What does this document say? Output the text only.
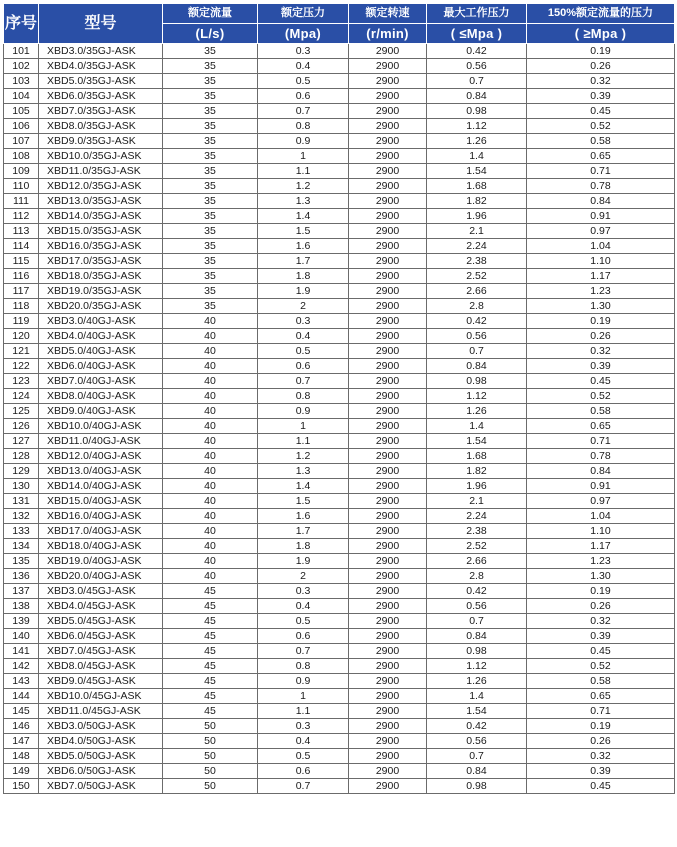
序号	型号	额定流量	额定压力	额定转速	最大工作压力	150%额定流量的压力
		(L/s)	(Mpa)	(r/min)	( ≤Mpa )	( ≥Mpa )
101	XBD3.0/35GJ-ASK	35	0.3	2900	0.42	0.19
102	XBD4.0/35GJ-ASK	35	0.4	2900	0.56	0.26
103	XBD5.0/35GJ-ASK	35	0.5	2900	0.7	0.32
104	XBD6.0/35GJ-ASK	35	0.6	2900	0.84	0.39
105	XBD7.0/35GJ-ASK	35	0.7	2900	0.98	0.45
106	XBD8.0/35GJ-ASK	35	0.8	2900	1.12	0.52
107	XBD9.0/35GJ-ASK	35	0.9	2900	1.26	0.58
108	XBD10.0/35GJ-ASK	35	1	2900	1.4	0.65
109	XBD11.0/35GJ-ASK	35	1.1	2900	1.54	0.71
110	XBD12.0/35GJ-ASK	35	1.2	2900	1.68	0.78
111	XBD13.0/35GJ-ASK	35	1.3	2900	1.82	0.84
112	XBD14.0/35GJ-ASK	35	1.4	2900	1.96	0.91
113	XBD15.0/35GJ-ASK	35	1.5	2900	2.1	0.97
114	XBD16.0/35GJ-ASK	35	1.6	2900	2.24	1.04
115	XBD17.0/35GJ-ASK	35	1.7	2900	2.38	1.10
116	XBD18.0/35GJ-ASK	35	1.8	2900	2.52	1.17
117	XBD19.0/35GJ-ASK	35	1.9	2900	2.66	1.23
118	XBD20.0/35GJ-ASK	35	2	2900	2.8	1.30
119	XBD3.0/40GJ-ASK	40	0.3	2900	0.42	0.19
120	XBD4.0/40GJ-ASK	40	0.4	2900	0.56	0.26
121	XBD5.0/40GJ-ASK	40	0.5	2900	0.7	0.32
122	XBD6.0/40GJ-ASK	40	0.6	2900	0.84	0.39
123	XBD7.0/40GJ-ASK	40	0.7	2900	0.98	0.45
124	XBD8.0/40GJ-ASK	40	0.8	2900	1.12	0.52
125	XBD9.0/40GJ-ASK	40	0.9	2900	1.26	0.58
126	XBD10.0/40GJ-ASK	40	1	2900	1.4	0.65
127	XBD11.0/40GJ-ASK	40	1.1	2900	1.54	0.71
128	XBD12.0/40GJ-ASK	40	1.2	2900	1.68	0.78
129	XBD13.0/40GJ-ASK	40	1.3	2900	1.82	0.84
130	XBD14.0/40GJ-ASK	40	1.4	2900	1.96	0.91
131	XBD15.0/40GJ-ASK	40	1.5	2900	2.1	0.97
132	XBD16.0/40GJ-ASK	40	1.6	2900	2.24	1.04
133	XBD17.0/40GJ-ASK	40	1.7	2900	2.38	1.10
134	XBD18.0/40GJ-ASK	40	1.8	2900	2.52	1.17
135	XBD19.0/40GJ-ASK	40	1.9	2900	2.66	1.23
136	XBD20.0/40GJ-ASK	40	2	2900	2.8	1.30
137	XBD3.0/45GJ-ASK	45	0.3	2900	0.42	0.19
138	XBD4.0/45GJ-ASK	45	0.4	2900	0.56	0.26
139	XBD5.0/45GJ-ASK	45	0.5	2900	0.7	0.32
140	XBD6.0/45GJ-ASK	45	0.6	2900	0.84	0.39
141	XBD7.0/45GJ-ASK	45	0.7	2900	0.98	0.45
142	XBD8.0/45GJ-ASK	45	0.8	2900	1.12	0.52
143	XBD9.0/45GJ-ASK	45	0.9	2900	1.26	0.58
144	XBD10.0/45GJ-ASK	45	1	2900	1.4	0.65
145	XBD11.0/45GJ-ASK	45	1.1	2900	1.54	0.71
146	XBD3.0/50GJ-ASK	50	0.3	2900	0.42	0.19
147	XBD4.0/50GJ-ASK	50	0.4	2900	0.56	0.26
148	XBD5.0/50GJ-ASK	50	0.5	2900	0.7	0.32
149	XBD6.0/50GJ-ASK	50	0.6	2900	0.84	0.39
150	XBD7.0/50GJ-ASK	50	0.7	2900	0.98	0.45
